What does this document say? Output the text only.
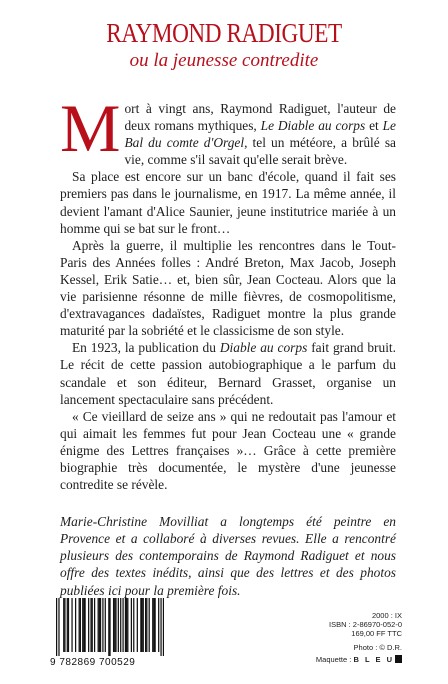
RAYMOND RADIGUET
ou la jeunesse contredite

Mort à vingt ans, Raymond Radiguet, l'auteur de deux romans mythiques, Le Diable au corps et Le Bal du comte d'Orgel, tel un météore, a brûlé sa vie, comme s'il savait qu'elle serait brève.

Sa place est encore sur un banc d'école, quand il fait ses premiers pas dans le journalisme, en 1917. La même année, il devient l'amant d'Alice Saunier, jeune institutrice mariée à un homme qui se bat sur le front…

Après la guerre, il multiplie les rencontres dans le Tout-Paris des Années folles : André Breton, Max Jacob, Joseph Kessel, Erik Satie… et, bien sûr, Jean Cocteau. Alors que la vie parisienne résonne de mille fièvres, de cosmopolitisme, d'extravagances dadaïstes, Radiguet montre la plus grande maturité par la sobriété et le classicisme de son style.

En 1923, la publication du Diable au corps fait grand bruit. Le récit de cette passion autobiographique a le parfum du scandale et son éditeur, Bernard Grasset, organise un lancement spectaculaire sans précédent.

« Ce vieillard de seize ans » qui ne redoutait pas l'amour et qui aimait les femmes fut pour Jean Cocteau une « grande énigme des Lettres françaises »… Grâce à cette première biographie très documentée, le mystère d'une jeunesse contredite se révèle.

Marie-Christine Movilliat a longtemps été peintre en Provence et a collaboré à diverses revues. Elle a rencontré plusieurs des contemporains de Raymond Radiguet et nous offre des textes inédits, ainsi que des lettres et des photos publiées ici pour la première fois.

2000 : IX
ISBN : 2-86970-052-0
169,00 FF TTC
Photo : © D.R.
Maquette : B L E U
9 782869 700529
